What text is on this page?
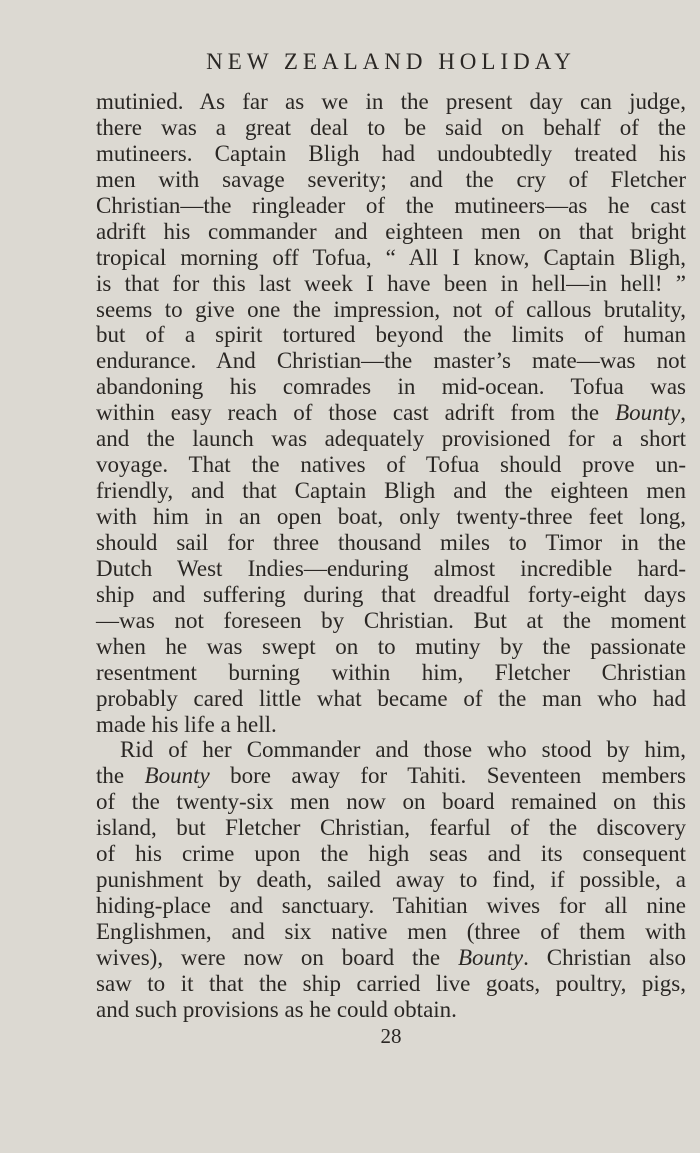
NEW ZEALAND HOLIDAY
mutinied. As far as we in the present day can judge,
there was a great deal to be said on behalf of the
mutineers. Captain Bligh had undoubtedly treated his
men with savage severity; and the cry of Fletcher
Christian—the ringleader of the mutineers—as he cast
adrift his commander and eighteen men on that bright
tropical morning off Tofua, “ All I know, Captain Bligh,
is that for this last week I have been in hell—in hell! ”
seems to give one the impression, not of callous brutality,
but of a spirit tortured beyond the limits of human
endurance. And Christian—the master’s mate—was not
abandoning his comrades in mid-ocean. Tofua was
within easy reach of those cast adrift from the Bounty,
and the launch was adequately provisioned for a short
voyage. That the natives of Tofua should prove un-
friendly, and that Captain Bligh and the eighteen men
with him in an open boat, only twenty-three feet long,
should sail for three thousand miles to Timor in the
Dutch West Indies—enduring almost incredible hard-
ship and suffering during that dreadful forty-eight days
—was not foreseen by Christian. But at the moment
when he was swept on to mutiny by the passionate
resentment burning within him, Fletcher Christian
probably cared little what became of the man who had
made his life a hell.
Rid of her Commander and those who stood by him,
the Bounty bore away for Tahiti. Seventeen members
of the twenty-six men now on board remained on this
island, but Fletcher Christian, fearful of the discovery
of his crime upon the high seas and its consequent
punishment by death, sailed away to find, if possible, a
hiding-place and sanctuary. Tahitian wives for all nine
Englishmen, and six native men (three of them with
wives), were now on board the Bounty. Christian also
saw to it that the ship carried live goats, poultry, pigs,
and such provisions as he could obtain.
28
